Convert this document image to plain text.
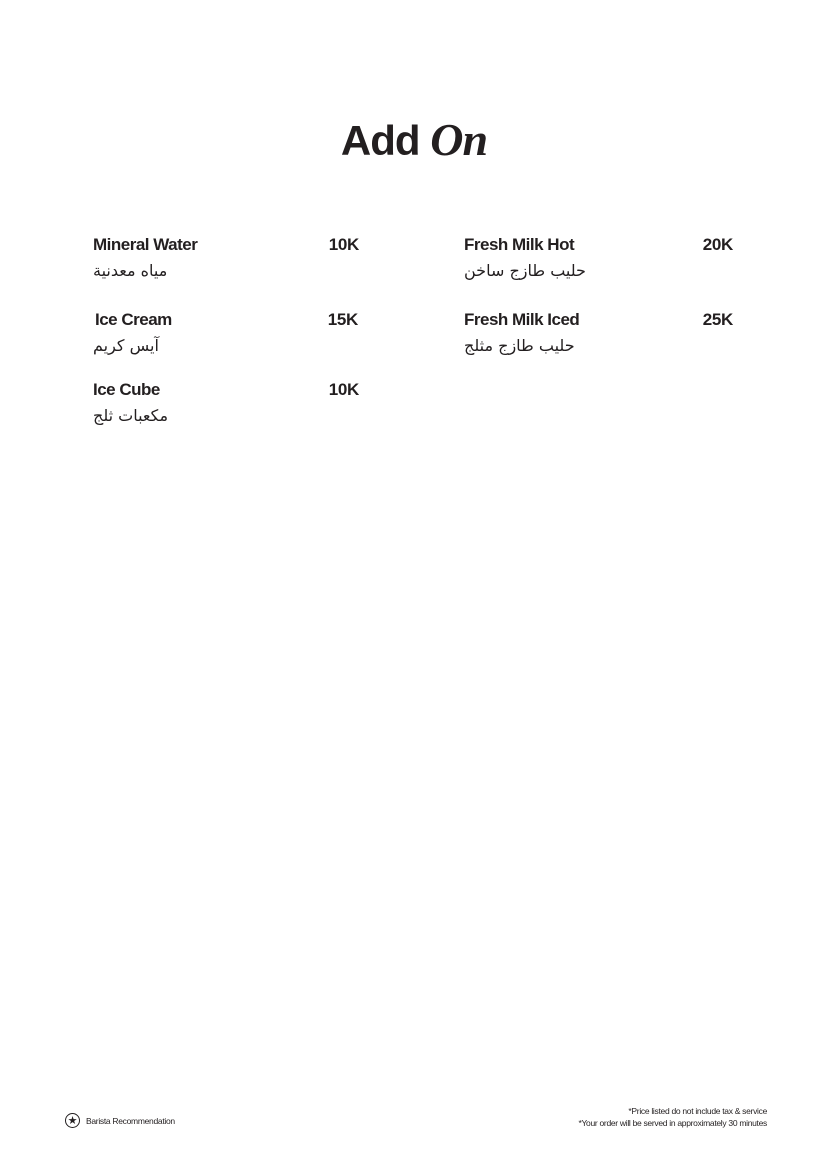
Add On
Mineral Water	10K
مياه معدنية
Ice Cream	15K
آيس كريم
Ice Cube	10K
مكعبات ثلج
Fresh Milk Hot	20K
حليب طازج ساخن
Fresh Milk Iced	25K
حليب طازج مثلج
★	Barista Recommendation
*Price listed do not include tax & service
*Your order will be served in approximately 30 minutes
